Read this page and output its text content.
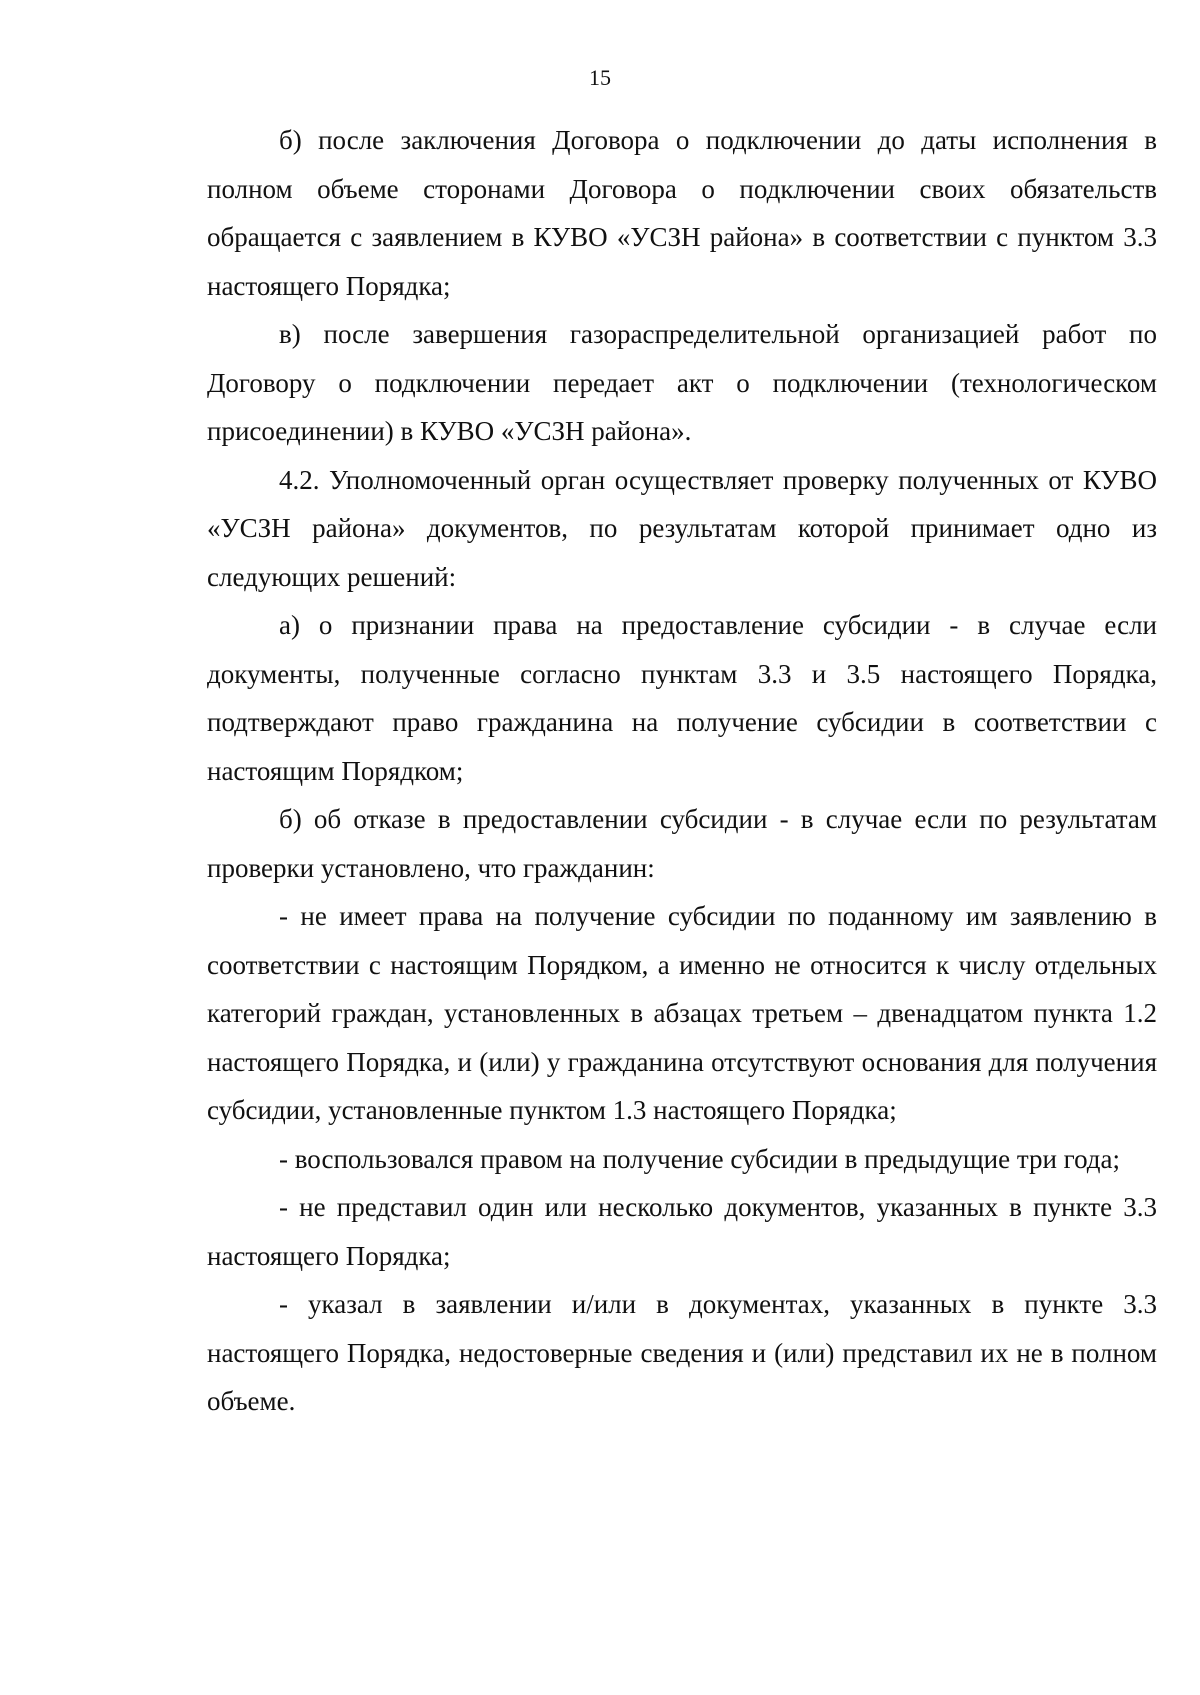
15

б) после заключения Договора о подключении до даты исполнения в полном объеме сторонами Договора о подключении своих обязательств обращается с заявлением в КУВО «УСЗН района» в соответствии с пунктом 3.3 настоящего Порядка;

в) после завершения газораспределительной организацией работ по Договору о подключении передает акт о подключении (технологическом присоединении) в КУВО «УСЗН района».

4.2. Уполномоченный орган осуществляет проверку полученных от КУВО «УСЗН района» документов, по результатам которой принимает одно из следующих решений:

а) о признании права на предоставление субсидии - в случае если документы, полученные согласно пунктам 3.3 и 3.5 настоящего Порядка, подтверждают право гражданина на получение субсидии в соответствии с настоящим Порядком;

б) об отказе в предоставлении субсидии - в случае если по результатам проверки установлено, что гражданин:

- не имеет права на получение субсидии по поданному им заявлению в соответствии с настоящим Порядком, а именно не относится к числу отдельных категорий граждан, установленных в абзацах третьем – двенадцатом пункта 1.2 настоящего Порядка, и (или) у гражданина отсутствуют основания для получения субсидии, установленные пунктом 1.3 настоящего Порядка;

- воспользовался правом на получение субсидии в предыдущие три года;

- не представил один или несколько документов, указанных в пункте 3.3 настоящего Порядка;

- указал в заявлении и/или в документах, указанных в пункте 3.3 настоящего Порядка, недостоверные сведения и (или) представил их не в полном объеме.
